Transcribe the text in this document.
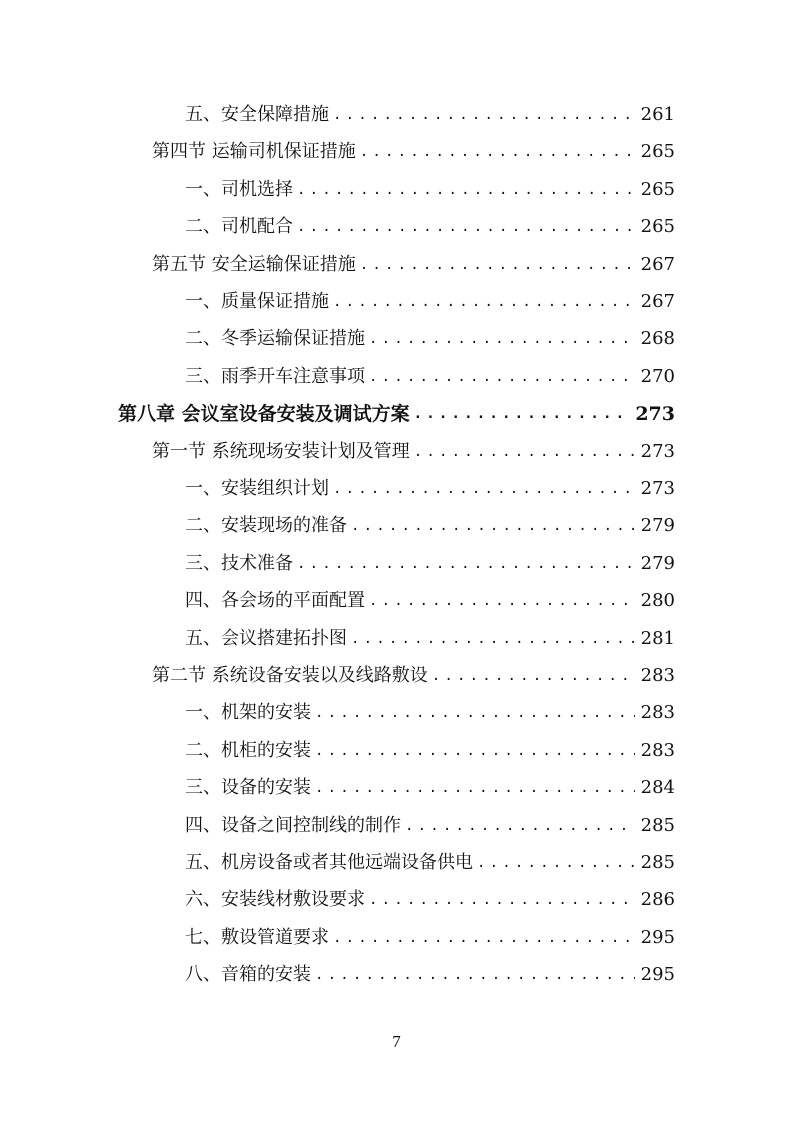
五、安全保障措施 .....	261
第四节 运输司机保证措施 .....	265
一、司机选择 .....	265
二、司机配合 .....	265
第五节 安全运输保证措施 .....	267
一、质量保证措施 .....	267
二、冬季运输保证措施 .....	268
三、雨季开车注意事项 .....	270
第八章 会议室设备安装及调试方案 .....	273
第一节 系统现场安装计划及管理 .....	273
一、安装组织计划 .....	273
二、安装现场的准备 .....	279
三、技术准备 .....	279
四、各会场的平面配置 .....	280
五、会议搭建拓扑图 .....	281
第二节 系统设备安装以及线路敷设 .....	283
一、机架的安装 .....	283
二、机柜的安装 .....	283
三、设备的安装 .....	284
四、设备之间控制线的制作 .....	285
五、机房设备或者其他远端设备供电 .....	285
六、安装线材敷设要求 .....	286
七、敷设管道要求 .....	295
八、音箱的安装 .....	295
7
